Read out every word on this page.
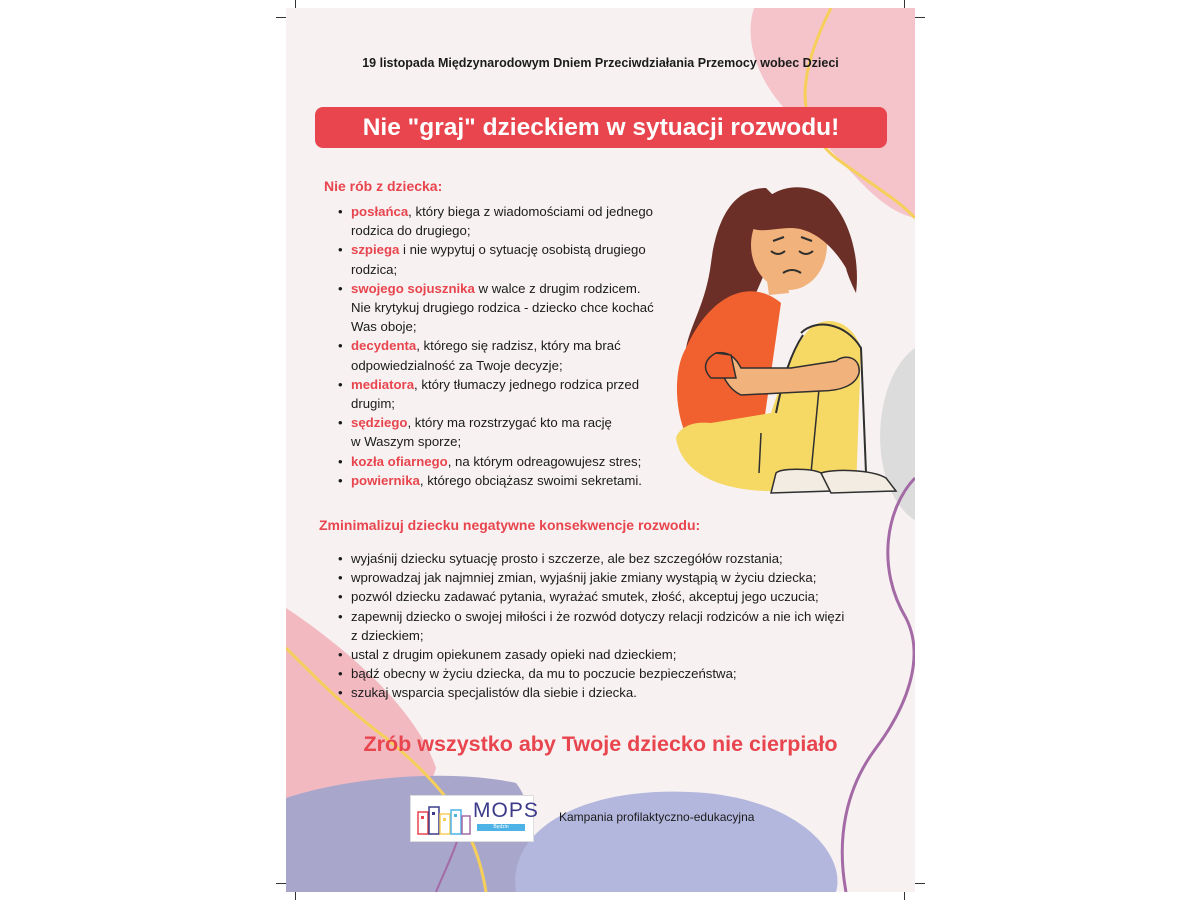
19 listopada Międzynarodowym Dniem Przeciwdziałania Przemocy wobec Dzieci
Nie "graj" dzieckiem w sytuacji rozwodu!
Nie rób z dziecka:
• posłańca, który biega z wiadomościami od jednego
rodzica do drugiego;
• szpiega i nie wypytuj o sytuację osobistą drugiego
rodzica;
• swojego sojusznika w walce z drugim rodzicem.
Nie krytykuj drugiego rodzica - dziecko chce kochać
Was oboje;
• decydenta, którego się radzisz, który ma brać
odpowiedzialność za Twoje decyzje;
• mediatora, który tłumaczy jednego rodzica przed
drugim;
• sędziego, który ma rozstrzygać kto ma rację
w Waszym sporze;
• kozła ofiarnego, na którym odreagowujesz stres;
• powiernika, którego obciążasz swoimi sekretami.
Zminimalizuj dziecku negatywne konsekwencje rozwodu:
• wyjaśnij dziecku sytuację prosto i szczerze, ale bez szczegółów rozstania;
• wprowadzaj jak najmniej zmian, wyjaśnij jakie zmiany wystąpią w życiu dziecka;
• pozwól dziecku zadawać pytania, wyrażać smutek, złość, akceptuj jego uczucia;
• zapewnij dziecko o swojej miłości i że rozwód dotyczy relacji rodziców a nie ich więzi
z dzieckiem;
• ustal z drugim opiekunem zasady opieki nad dzieckiem;
• bądź obecny w życiu dziecka, da mu to poczucie bezpieczeństwa;
• szukaj wsparcia specjalistów dla siebie i dziecka.
Zrób wszystko aby Twoje dziecko nie cierpiało
MOPS
Będzin
Kampania profilaktyczno-edukacyjna
